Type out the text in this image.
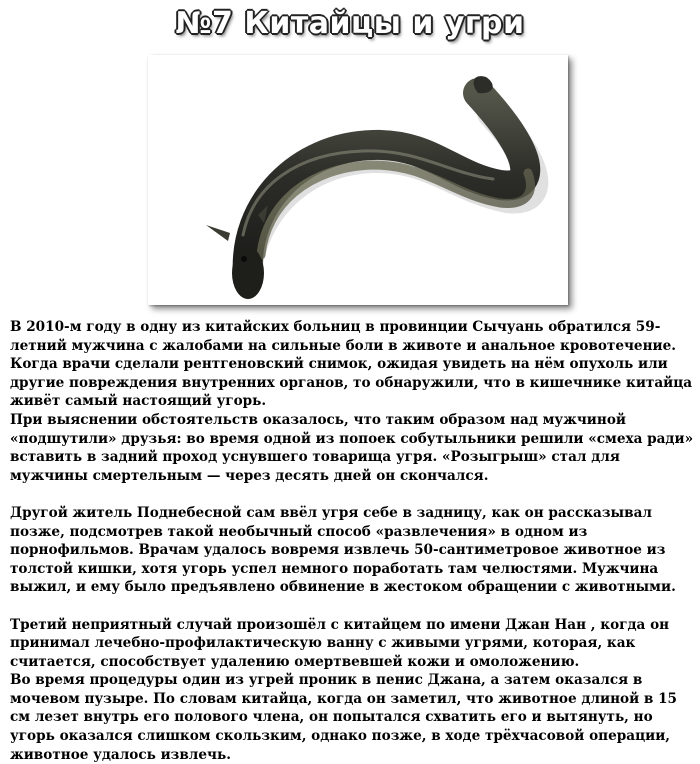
№7 Китайцы и угри

В 2010-м году в одну из китайских больниц в провинции Сычуань обратился 59-летний мужчина с жалобами на сильные боли в животе и анальное кровотечение. Когда врачи сделали рентгеновский снимок, ожидая увидеть на нём опухоль или другие повреждения внутренних органов, то обнаружили, что в кишечнике китайца живёт самый настоящий угорь.

При выяснении обстоятельств оказалось, что таким образом над мужчиной «подшутили» друзья: во время одной из попоек собутыльники решили «смеха ради» вставить в задний проход уснувшего товарища угря. «Розыгрыш» стал для мужчины смертельным — через десять дней он скончался.

Другой житель Поднебесной сам ввёл угря себе в задницу, как он рассказывал позже, подсмотрев такой необычный способ «развлечения» в одном из порнофильмов. Врачам удалось вовремя извлечь 50-сантиметровое животное из толстой кишки, хотя угорь успел немного поработать там челюстями. Мужчина выжил, и ему было предъявлено обвинение в жестоком обращении с животными.

Третий неприятный случай произошёл с китайцем по имени Джан Нан , когда он принимал лечебно-профилактическую ванну с живыми угрями, которая, как считается, способствует удалению омертвевшей кожи и омоложению.

Во время процедуры один из угрей проник в пенис Джана, а затем оказался в мочевом пузыре. По словам китайца, когда он заметил, что животное длиной в 15 см лезет внутрь его полового члена, он попытался схватить его и вытянуть, но угорь оказался слишком скользким, однако позже, в ходе трёхчасовой операции, животное удалось извлечь.
